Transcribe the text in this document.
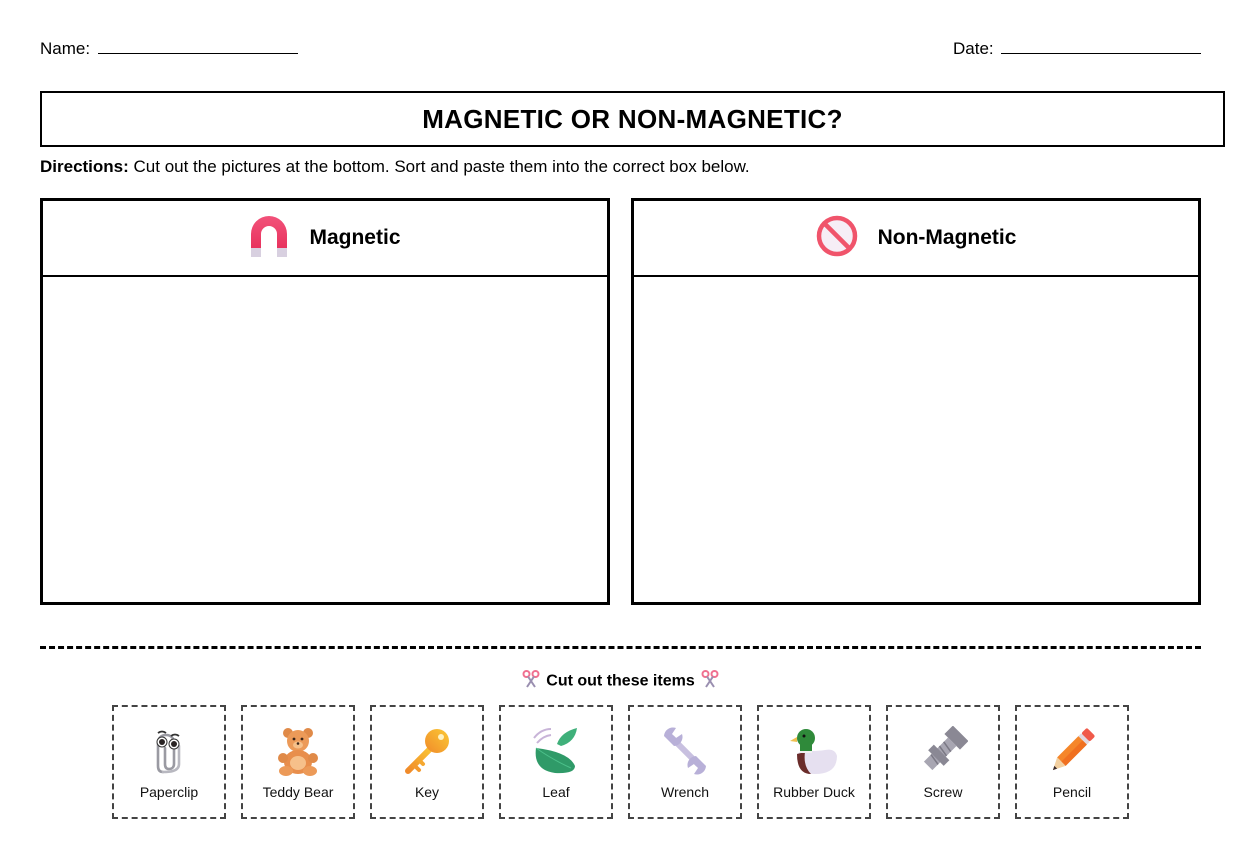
Name:	Date:
MAGNETIC OR NON-MAGNETIC?
Directions: Cut out the pictures at the bottom. Sort and paste them into the correct box below.
Magnetic	Non-Magnetic
Cut out these items
Paperclip	Teddy Bear	Key	Leaf	Wrench	Rubber Duck	Screw	Pencil
